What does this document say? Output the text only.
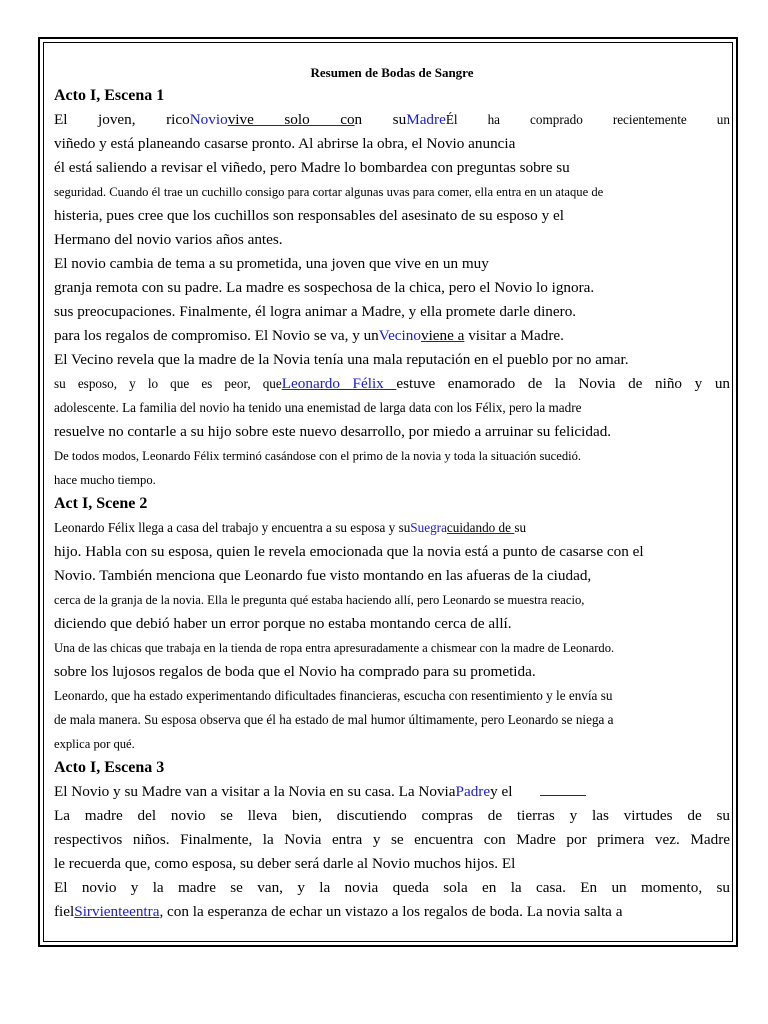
Resumen de Bodas de Sangre
Acto I, Escena 1
El joven, ricoNoviovive solo con suMadreÉl ha comprado recientemente un
viñedo y está planeando casarse pronto. Al abrirse la obra, el Novio anuncia
él está saliendo a revisar el viñedo, pero Madre lo bombardea con preguntas sobre su
seguridad. Cuando él trae un cuchillo consigo para cortar algunas uvas para comer, ella entra en un ataque de
histeria, pues cree que los cuchillos son responsables del asesinato de su esposo y el
Hermano del novio varios años antes.
El novio cambia de tema a su prometida, una joven que vive en un muy
granja remota con su padre. La madre es sospechosa de la chica, pero el Novio lo ignora.
sus preocupaciones. Finalmente, él logra animar a Madre, y ella promete darle dinero.
para los regalos de compromiso. El Novio se va, y unVecinoviene a visitar a Madre.
El Vecino revela que la madre de la Novia tenía una mala reputación en el pueblo por no amar.
su esposo, y lo que es peor, queLeonardo Félix estuve enamorado de la Novia de niño y un
adolescente. La familia del novio ha tenido una enemistad de larga data con los Félix, pero la madre
resuelve no contarle a su hijo sobre este nuevo desarrollo, por miedo a arruinar su felicidad.
De todos modos, Leonardo Félix terminó casándose con el primo de la novia y toda la situación sucedió.
hace mucho tiempo.
Act I, Scene 2
Leonardo Félix llega a casa del trabajo y encuentra a su esposa y suSuegracuidando de su
hijo. Habla con su esposa, quien le revela emocionada que la novia está a punto de casarse con el
Novio. También menciona que Leonardo fue visto montando en las afueras de la ciudad,
cerca de la granja de la novia. Ella le pregunta qué estaba haciendo allí, pero Leonardo se muestra reacio,
diciendo que debió haber un error porque no estaba montando cerca de allí.
Una de las chicas que trabaja en la tienda de ropa entra apresuradamente a chismear con la madre de Leonardo.
sobre los lujosos regalos de boda que el Novio ha comprado para su prometida.
Leonardo, que ha estado experimentando dificultades financieras, escucha con resentimiento y le envía su
de mala manera. Su esposa observa que él ha estado de mal humor últimamente, pero Leonardo se niega a
explica por qué.
Acto I, Escena 3
El Novio y su Madre van a visitar a la Novia en su casa. La NoviaPadrey el
La madre del novio se lleva bien, discutiendo compras de tierras y las virtudes de su
respectivos niños. Finalmente, la Novia entra y se encuentra con Madre por primera vez. Madre
le recuerda que, como esposa, su deber será darle al Novio muchos hijos. El
El novio y la madre se van, y la novia queda sola en la casa. En un momento, su
fielSirvienteentra, con la esperanza de echar un vistazo a los regalos de boda. La novia salta a
